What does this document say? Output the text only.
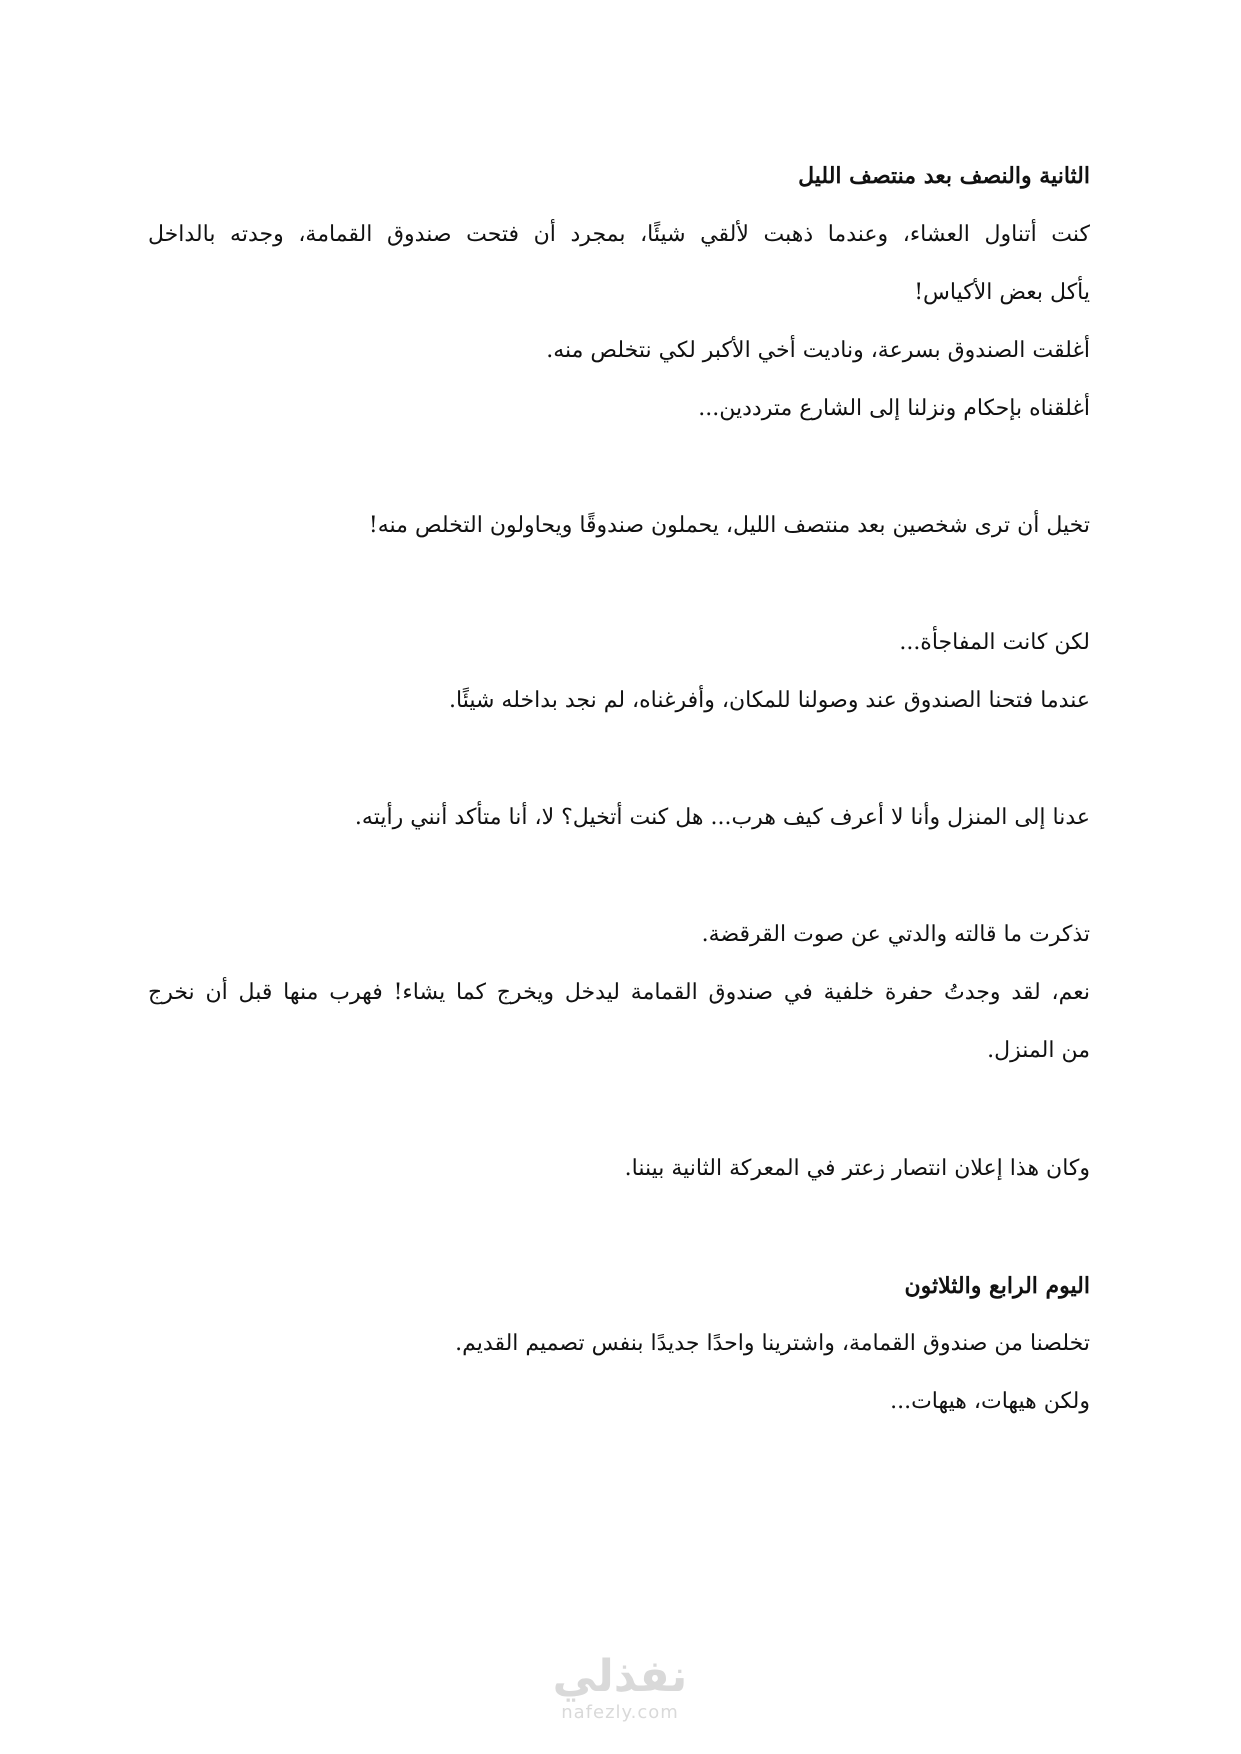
الثانية والنصف بعد منتصف الليل

كنت أتناول العشاء، وعندما ذهبت لألقي شيئًا، بمجرد أن فتحت صندوق القمامة، وجدته بالداخل

يأكل بعض الأكياس!

أغلقت الصندوق بسرعة، وناديت أخي الأكبر لكي نتخلص منه.

أغلقناه بإحكام ونزلنا إلى الشارع مترددين...

تخيل أن ترى شخصين بعد منتصف الليل، يحملون صندوقًا ويحاولون التخلص منه!

لكن كانت المفاجأة...

عندما فتحنا الصندوق عند وصولنا للمكان، وأفرغناه، لم نجد بداخله شيئًا.

عدنا إلى المنزل وأنا لا أعرف كيف هرب... هل كنت أتخيل؟ لا، أنا متأكد أنني رأيته.

تذكرت ما قالته والدتي عن صوت القرقضة.

نعم، لقد وجدتُ حفرة خلفية في صندوق القمامة ليدخل ويخرج كما يشاء! فهرب منها قبل أن نخرج

من المنزل.

وكان هذا إعلان انتصار زعتر في المعركة الثانية بيننا.

اليوم الرابع والثلاثون

تخلصنا من صندوق القمامة، واشترينا واحدًا جديدًا بنفس تصميم القديم.

ولكن هيهات، هيهات...

نفذلي
nafezly.com
